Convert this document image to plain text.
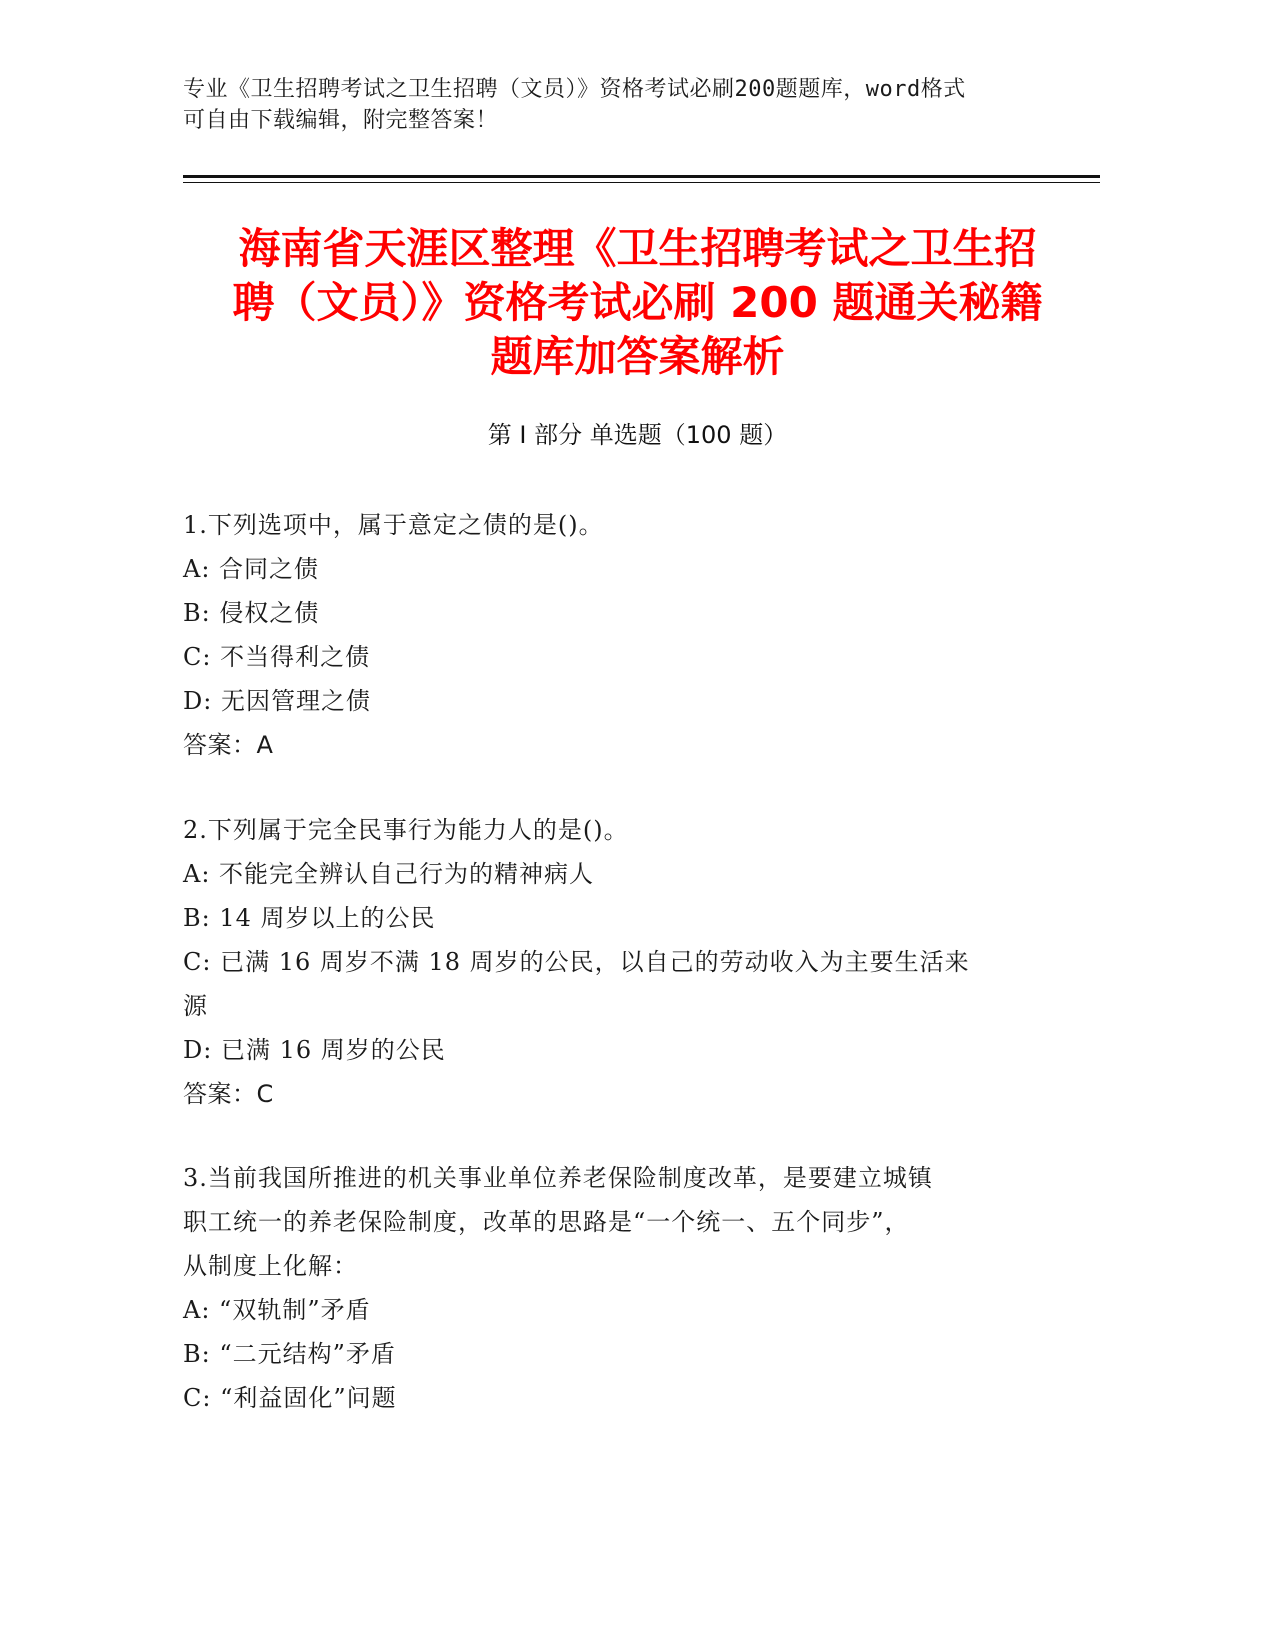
专业《卫生招聘考试之卫生招聘（文员）》资格考试必刷200题题库，word格式
可自由下载编辑，附完整答案！
海南省天涯区整理《卫生招聘考试之卫生招
聘（文员）》资格考试必刷 200 题通关秘籍
题库加答案解析
第 I 部分 单选题（100 题）
1.下列选项中，属于意定之债的是()。
A: 合同之债
B: 侵权之债
C: 不当得利之债
D: 无因管理之债
答案：A
2.下列属于完全民事行为能力人的是()。
A: 不能完全辨认自己行为的精神病人
B: 14 周岁以上的公民
C: 已满 16 周岁不满 18 周岁的公民，以自己的劳动收入为主要生活来
源
D: 已满 16 周岁的公民
答案：C
3.当前我国所推进的机关事业单位养老保险制度改革，是要建立城镇
职工统一的养老保险制度，改革的思路是“一个统一、五个同步”，
从制度上化解：
A: “双轨制”矛盾
B: “二元结构”矛盾
C: “利益固化”问题
